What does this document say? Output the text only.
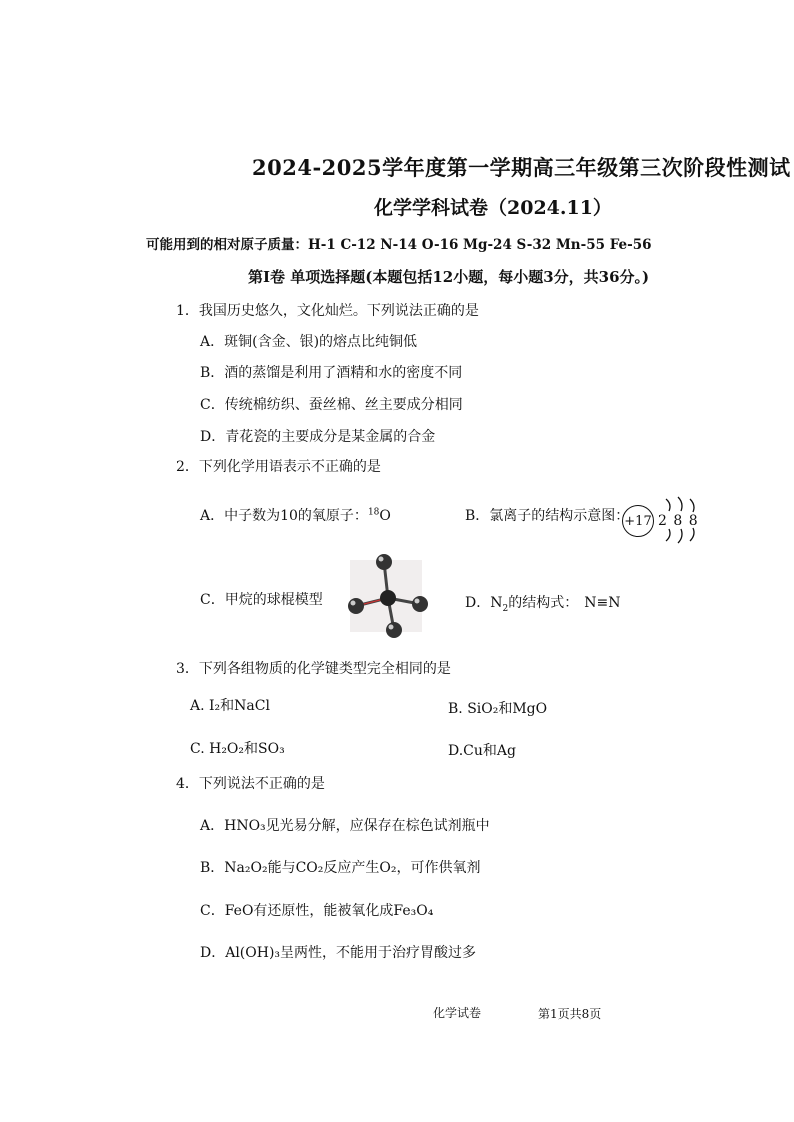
2024-2025学年度第一学期高三年级第三次阶段性测试
化学学科试卷（2024.11）
可能用到的相对原子质量：H-1 C-12 N-14 O-16 Mg-24 S-32 Mn-55 Fe-56
第Ⅰ卷 单项选择题(本题包括12小题，每小题3分，共36分。)
1．我国历史悠久，文化灿烂。下列说法正确的是
A．斑铜(含金、银)的熔点比纯铜低
B．酒的蒸馏是利用了酒精和水的密度不同
C．传统棉纺织、蚕丝棉、丝主要成分相同
D．青花瓷的主要成分是某金属的合金
2．下列化学用语表示不正确的是
A．中子数为10的氧原子：$^{18}$O	B．氯离子的结构示意图：
+17 2 8 8
C．甲烷的球棍模型	D．$N_2$的结构式： N≡N
3．下列各组物质的化学键类型完全相同的是
A. I₂和NaCl	B. SiO₂和MgO
C. H₂O₂和SO₃	D.Cu和Ag
4．下列说法不正确的是
A．HNO₃见光易分解，应保存在棕色试剂瓶中
B．Na₂O₂能与CO₂反应产生O₂，可作供氧剂
C．FeO有还原性，能被氧化成Fe₃O₄
D．Al(OH)₃呈两性，不能用于治疗胃酸过多
化学试卷	第1页共8页
